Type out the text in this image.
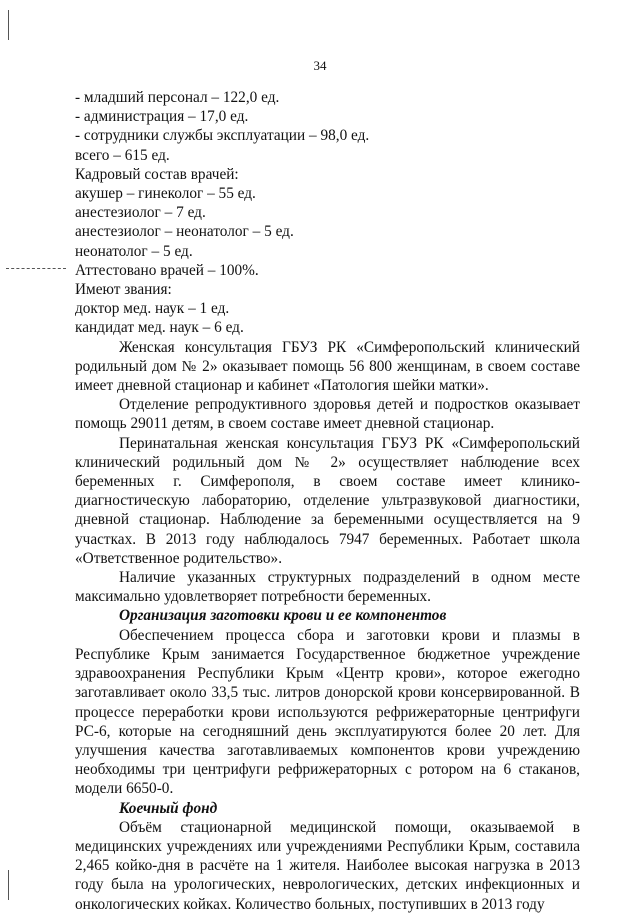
34

- младший персонал – 122,0 ед.

- администрация – 17,0 ед.

- сотрудники службы эксплуатации – 98,0 ед.

всего – 615 ед.

Кадровый состав врачей:

акушер – гинеколог – 55 ед.

анестезиолог – 7 ед.

анестезиолог – неонатолог – 5 ед.

неонатолог – 5 ед.

Аттестовано врачей – 100%.

Имеют звания:

доктор мед. наук – 1 ед.

кандидат мед. наук – 6 ед.

Женская консультация ГБУЗ РК «Симферопольский клинический родильный дом № 2» оказывает помощь 56 800 женщинам, в своем составе имеет дневной стационар и кабинет «Патология шейки матки».

Отделение репродуктивного здоровья детей и подростков оказывает помощь 29011 детям, в своем составе имеет дневной стационар.

Перинатальная женская консультация ГБУЗ РК «Симферопольский клинический родильный дом № 2» осуществляет наблюдение всех беременных г. Симферополя, в своем составе имеет клинико-диагностическую лабораторию, отделение ультразвуковой диагностики, дневной стационар. Наблюдение за беременными осуществляется на 9 участках. В 2013 году наблюдалось 7947 беременных. Работает школа «Ответственное родительство».

Наличие указанных структурных подразделений в одном месте максимально удовлетворяет потребности беременных.

Организация заготовки крови и ее компонентов

Обеспечением процесса сбора и заготовки крови и плазмы в Республике Крым занимается Государственное бюджетное учреждение здравоохранения Республики Крым «Центр крови», которое ежегодно заготавливает около 33,5 тыс. литров донорской крови консервированной. В процессе переработки крови используются рефрижераторные центрифуги РС-6, которые на сегодняшний день эксплуатируются более 20 лет. Для улучшения качества заготавливаемых компонентов крови учреждению необходимы три центрифуги рефрижераторных с ротором на 6 стаканов, модели 6650-0.

Коечный фонд

Объём стационарной медицинской помощи, оказываемой в медицинских учреждениях или учреждениями Республики Крым, составила 2,465 койко-дня в расчёте на 1 жителя. Наиболее высокая нагрузка в 2013 году была на урологических, неврологических, детских инфекционных и онкологических койках. Количество больных, поступивших в 2013 году
